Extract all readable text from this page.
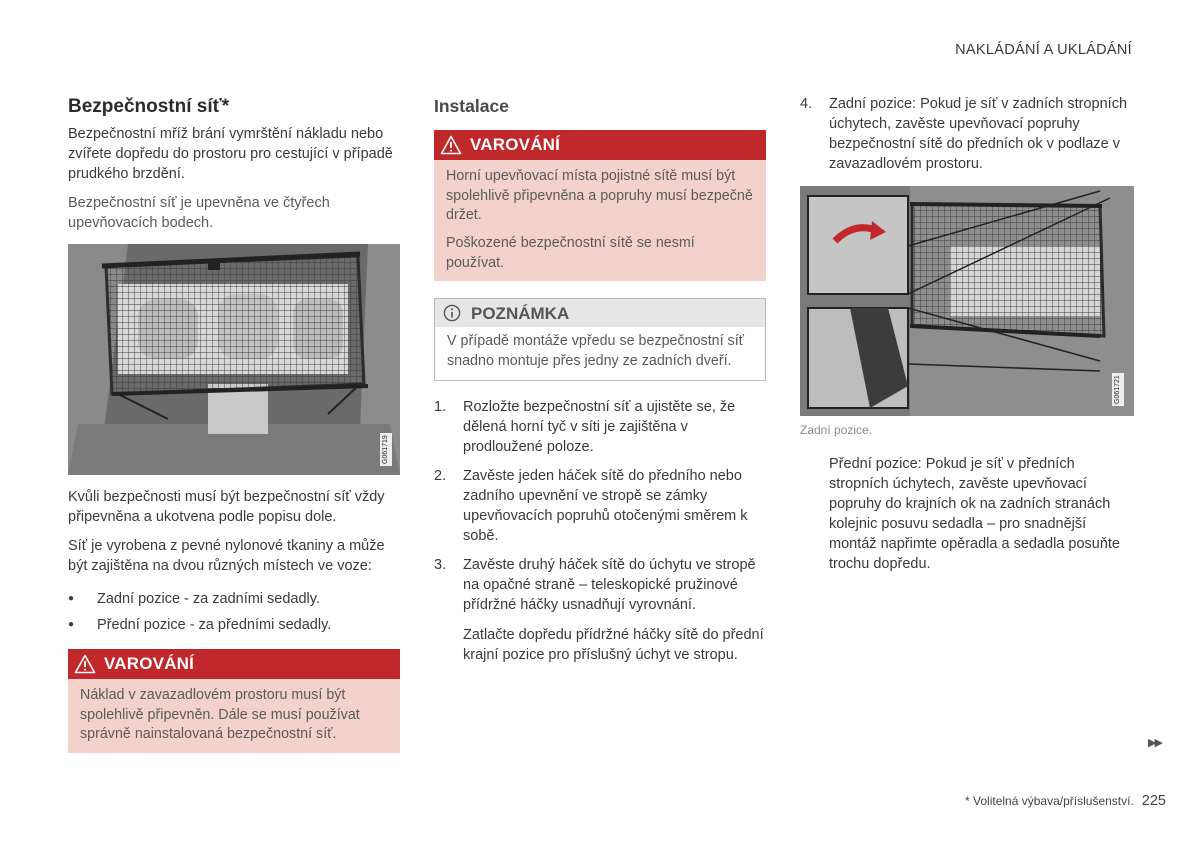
NAKLÁDÁNÍ A UKLÁDÁNÍ
Bezpečnostní síť*

Bezpečnostní mříž brání vymrštění nákladu nebo zvířete dopředu do prostoru pro cestující v případě prudkého brzdění.

Bezpečnostní síť je upevněna ve čtyřech upevňovacích bodech.

G061719

Kvůli bezpečnosti musí být bezpečnostní síť vždy připevněna a ukotvena podle popisu dole.

Síť je vyrobena z pevné nylonové tkaniny a může být zajištěna na dvou různých místech ve voze:

● Zadní pozice - za zadními sedadly.
● Přední pozice - za předními sedadly.
VAROVÁNÍ

Náklad v zavazadlovém prostoru musí být spolehlivě připevněn. Dále se musí používat správně nainstalovaná bezpečnostní síť.

Instalace
VAROVÁNÍ

Horní upevňovací místa pojistné sítě musí být spolehlivě připevněna a popruhy musí bezpečně držet.

Poškozené bezpečnostní sítě se nesmí používat.

POZNÁMKA

V případě montáže vpředu se bezpečnostní síť snadno montuje přes jedny ze zadních dveří.

1. Rozložte bezpečnostní síť a ujistěte se, že dělená horní tyč v síti je zajištěna v prodloužené poloze.

2. Zavěste jeden háček sítě do předního nebo zadního upevnění ve stropě se zámky upevňovacích popruhů otočenými směrem k sobě.

3. Zavěste druhý háček sítě do úchytu ve stropě na opačné straně – teleskopické pružinové přídržné háčky usnadňují vyrovnání.

Zatlačte dopředu přídržné háčky sítě do přední krajní pozice pro příslušný úchyt ve stropu.

4. Zadní pozice: Pokud je síť v zadních stropních úchytech, zavěste upevňovací popruhy bezpečnostní sítě do předních ok v podlaze v zavazadlovém prostoru.

G061721

Zadní pozice.

Přední pozice: Pokud je síť v předních stropních úchytech, zavěste upevňovací popruhy do krajních ok na zadních stranách kolejnic posuvu sedadla – pro snadnější montáž napřimte opěradla a sedadla posuňte trochu dopředu.

▶▶
* Volitelná výbava/příslušenství. 225
